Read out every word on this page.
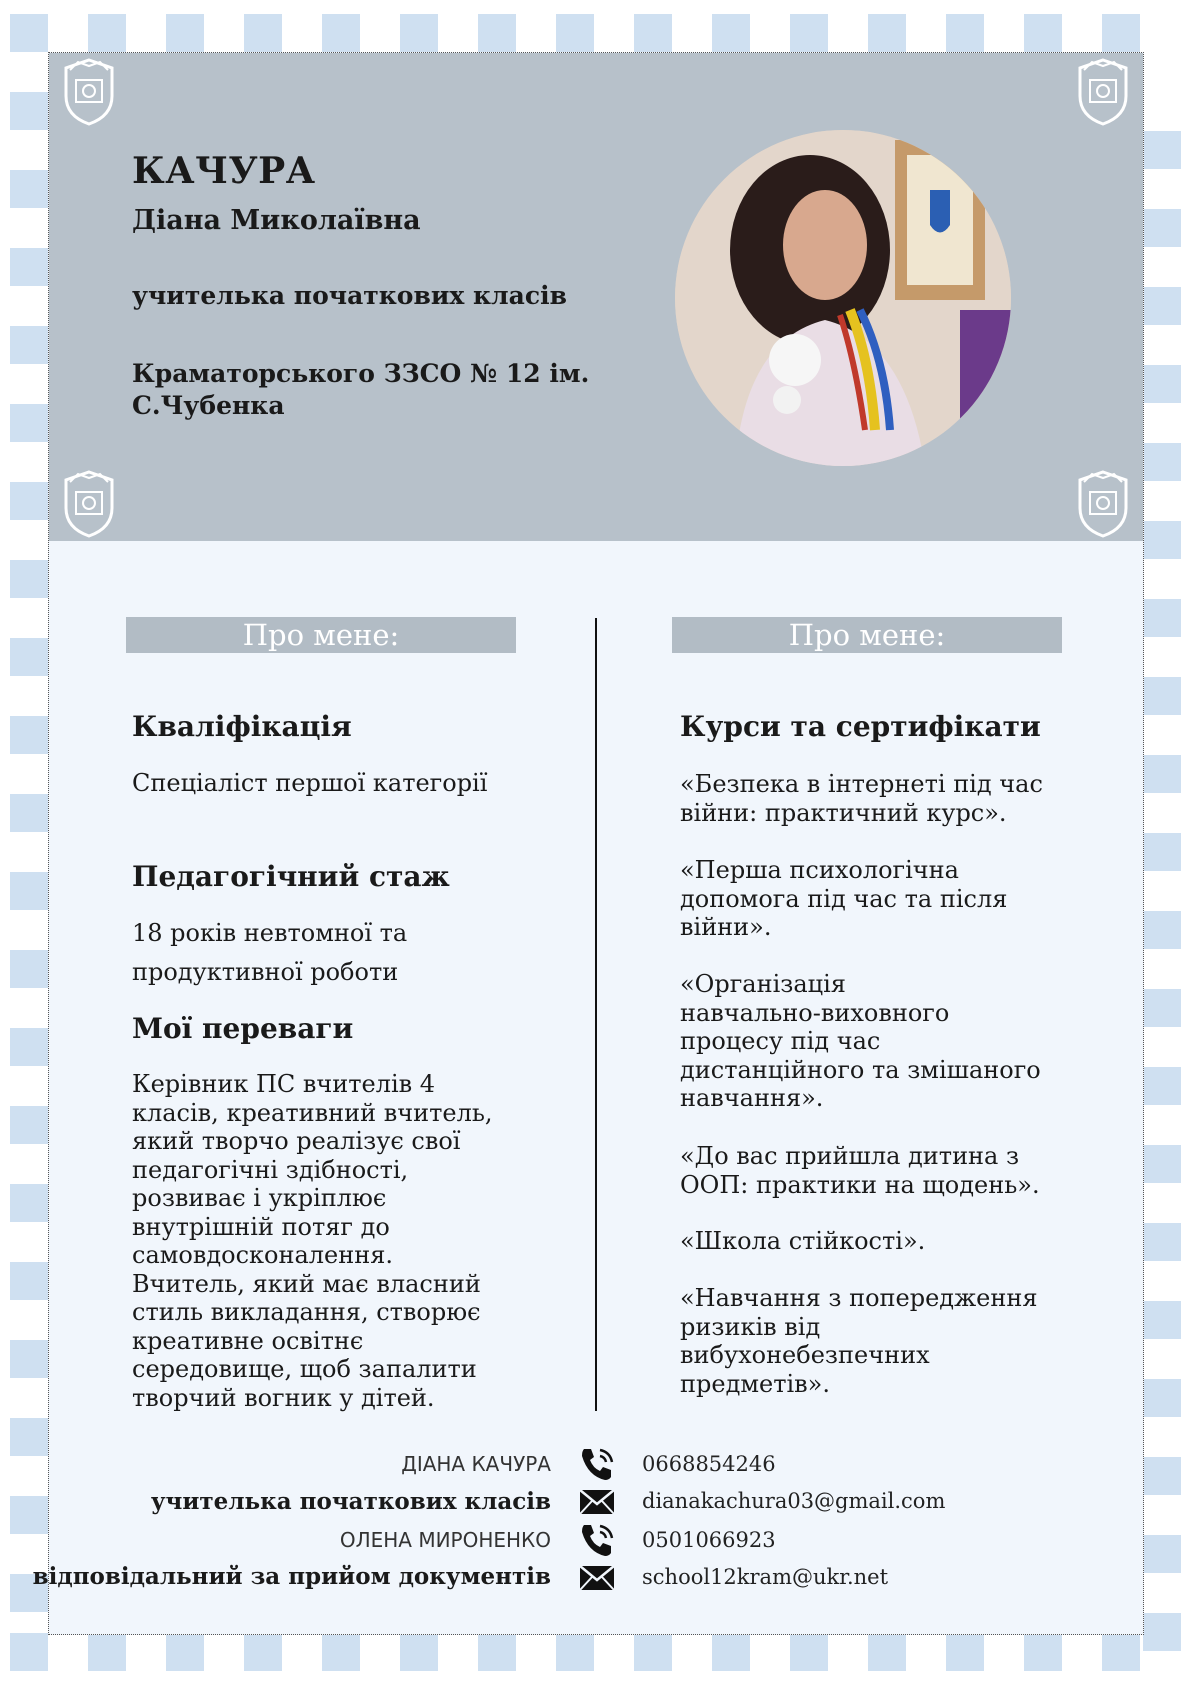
КАЧУРА
Діана Миколаївна
учителька початкових класів
Краматорського ЗЗСО № 12 ім.
С.Чубенка
Про мене:	Про мене:
Кваліфікація
Спеціаліст першої категорії
Педагогічний стаж
18 років невтомної та
продуктивної роботи
Мої переваги
Керівник ПС вчителів 4
класів, креативний вчитель,
який творчо реалізує свої
педагогічні здібності,
розвиває і укріплює
внутрішній потяг до
самовдосконалення.
Вчитель, який має власний
стиль викладання, створює
креативне освітнє
середовище, щоб запалити
творчий вогник у дітей.
Курси та сертифікати
«Безпека в інтернеті під час
війни: практичний курс».
«Перша психологічна
допомога під час та після
війни».
«Організація
навчально-виховного
процесу під час
дистанційного та змішаного
навчання».
«До вас прийшла дитина з
ООП: практики на щодень».
«Школа стійкості».
«Навчання з попередження
ризиків від
вибухонебезпечних
предметів».
ДІАНА КАЧУРА
учителька початкових класів
ОЛЕНА МИРОНЕНКО
відповідальний за прийом документів
0668854246
dianakachura03@gmail.com
0501066923
school12kram@ukr.net
